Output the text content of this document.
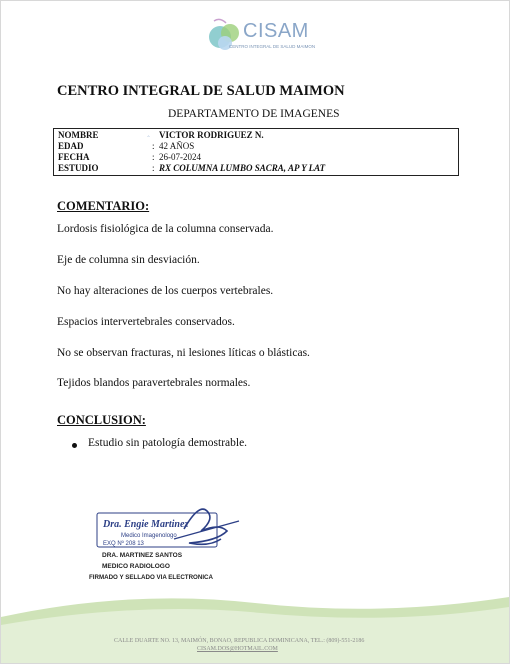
CISAM
CENTRO INTEGRAL DE SALUD MAIMON
CENTRO INTEGRAL DE SALUD MAIMON
DEPARTAMENTO DE IMAGENES
NOMBRE	.:. VICTOR RODRIGUEZ N.
EDAD	: 42 AÑOS
FECHA	: 26-07-2024
ESTUDIO	: RX COLUMNA LUMBO SACRA, AP Y LAT
COMENTARIO:
Lordosis fisiológica de la columna conservada.
Eje de columna sin desviación.
No hay alteraciones de los cuerpos vertebrales.
Espacios intervertebrales conservados.
No se observan fracturas, ni lesiones líticas o blásticas.
Tejidos blandos paravertebrales normales.
CONCLUSION:
Estudio sin patología demostrable.
Dra. Engie Martinez
Medico Imagenologo
EXQ Nº 208 13
DRA. MARTINEZ SANTOS
MEDICO RADIOLOGO
FIRMADO Y SELLADO VIA ELECTRONICA
CALLE DUARTE NO. 13, MAIMÓN, BONAO, REPUBLICA DOMINICANA, TEL.: (809)-551-2186
CISAM.DOS@HOTMAIL.COM
